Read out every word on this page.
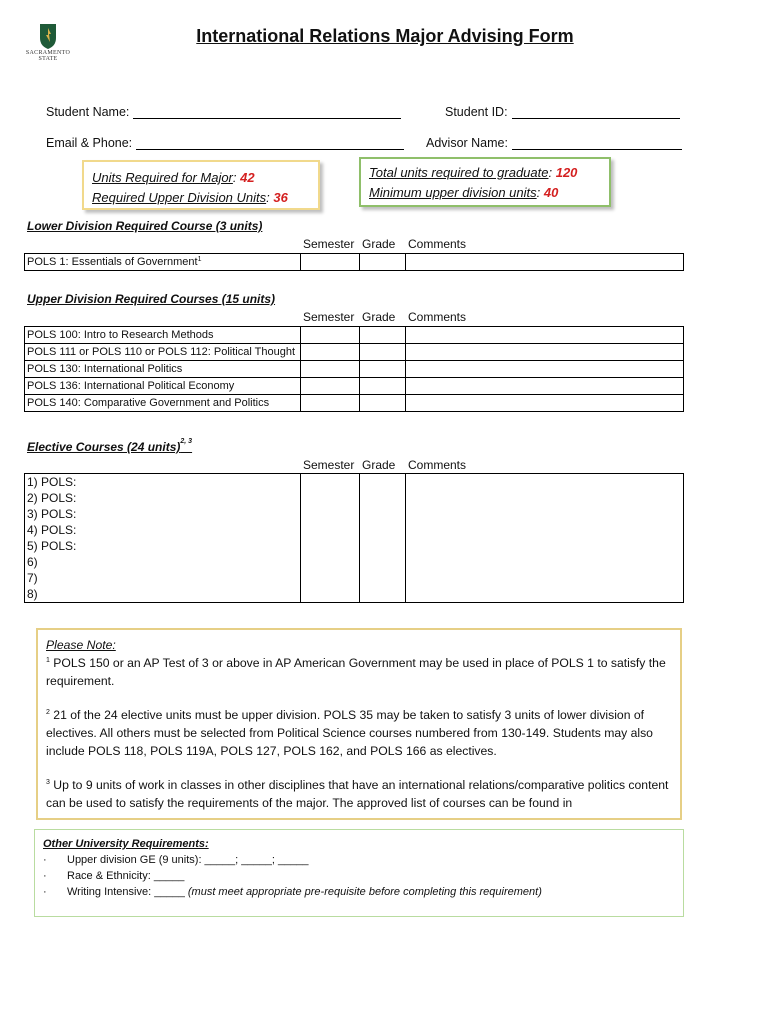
SACRAMENTO
STATE
International Relations Major Advising Form
Student Name:	Student ID:
Email & Phone:	Advisor Name:
Units Required for Major: 42
Required Upper Division Units: 36
Total units required to graduate: 120
Minimum upper division units: 40
Lower Division Required Course (3 units)
Semester Grade Comments
POLS 1: Essentials of Government$^1$			
Upper Division Required Courses (15 units)
Semester Grade Comments
POLS 100: Intro to Research Methods			
POLS 111 or POLS 110 or POLS 112: Political Thought			
POLS 130: International Politics			
POLS 136: International Political Economy			
POLS 140: Comparative Government and Politics			
Elective Courses (24 units)$^{2, 3}$
Semester Grade Comments
1) POLS:			
2) POLS:			
3) POLS:			
4) POLS:			
5) POLS:			
6)			
7)			
8)			

Please Note:

$^1$ POLS 150 or an AP Test of 3 or above in AP American Government may be used in place of POLS 1 to satisfy the requirement.

$^2$ 21 of the 24 elective units must be upper division. POLS 35 may be taken to satisfy 3 units of lower division of electives. All others must be selected from Political Science courses numbered from 130-149. Students may also include POLS 118, POLS 119A, POLS 127, POLS 162, and POLS 166 as electives.

$^3$ Up to 9 units of work in classes in other disciplines that have an international relations/comparative politics content can be used to satisfy the requirements of the major. The approved list of courses can be found in

Other University Requirements:
·	Upper division GE (9 units): _____; _____; _____
·	Race & Ethnicity: _____
·	Writing Intensive: _____
(must meet appropriate pre-requisite before completing this requirement)
